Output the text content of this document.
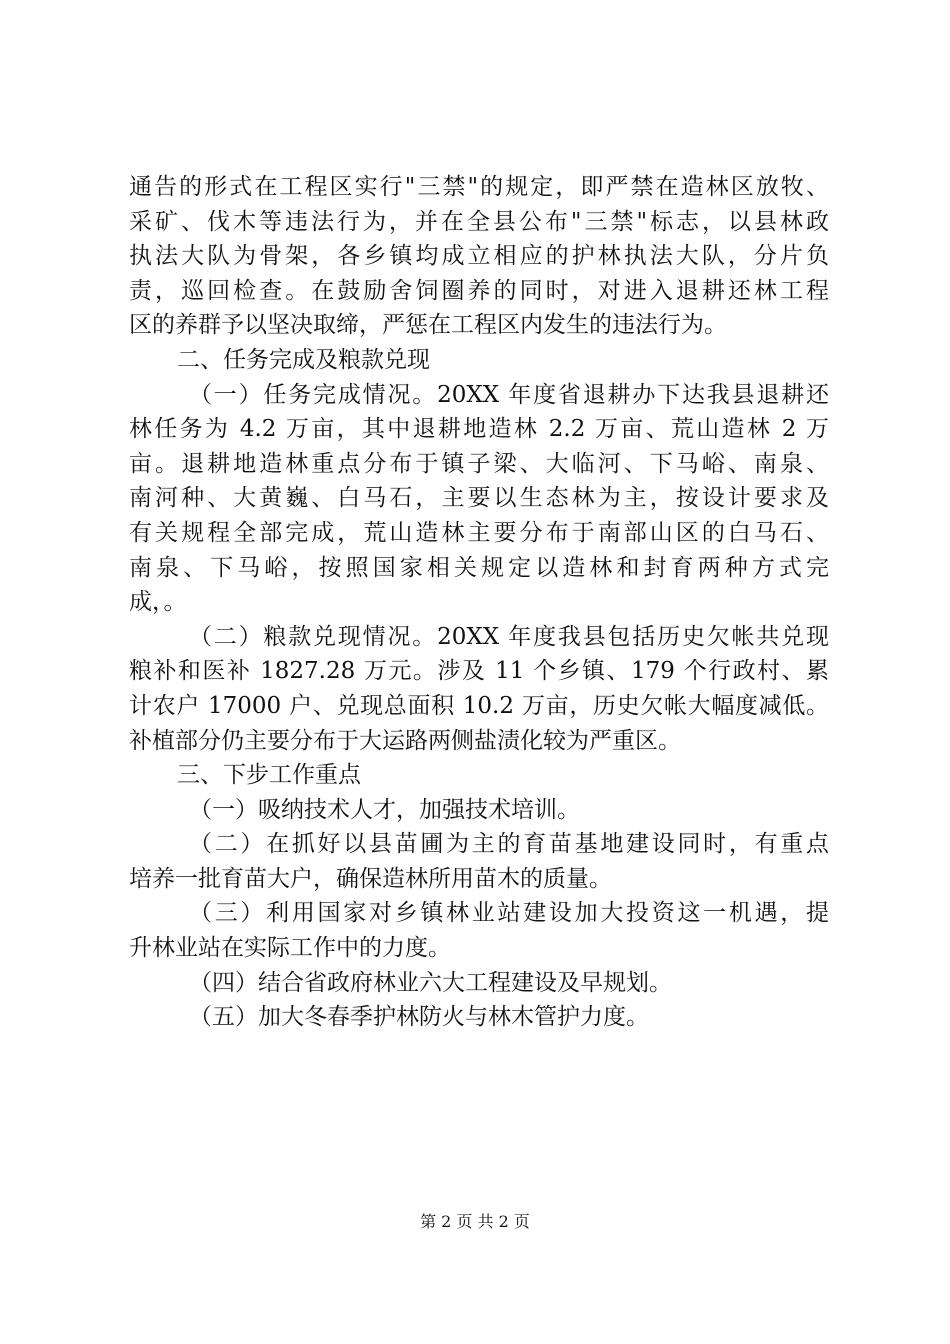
通告的形式在工程区实行"三禁"的规定，即严禁在造林区放牧、
采矿、伐木等违法行为，并在全县公布"三禁"标志，以县林政
执法大队为骨架，各乡镇均成立相应的护林执法大队，分片负
责，巡回检查。在鼓励舍饲圈养的同时，对进入退耕还林工程
区的养群予以坚决取缔，严惩在工程区内发生的违法行为。
二、任务完成及粮款兑现
（一）任务完成情况。20XX 年度省退耕办下达我县退耕还
林任务为 4.2 万亩，其中退耕地造林 2.2 万亩、荒山造林 2 万
亩。退耕地造林重点分布于镇子梁、大临河、下马峪、南泉、
南河种、大黄巍、白马石，主要以生态林为主，按设计要求及
有关规程全部完成，荒山造林主要分布于南部山区的白马石、
南泉、下马峪，按照国家相关规定以造林和封育两种方式完
成，。
（二）粮款兑现情况。20XX 年度我县包括历史欠帐共兑现
粮补和医补 1827.28 万元。涉及 11 个乡镇、179 个行政村、累
计农户 17000 户、兑现总面积 10.2 万亩，历史欠帐大幅度减低。
补植部分仍主要分布于大运路两侧盐渍化较为严重区。
三、下步工作重点
（一）吸纳技术人才，加强技术培训。
（二）在抓好以县苗圃为主的育苗基地建设同时，有重点
培养一批育苗大户，确保造林所用苗木的质量。
（三）利用国家对乡镇林业站建设加大投资这一机遇，提
升林业站在实际工作中的力度。
（四）结合省政府林业六大工程建设及早规划。
（五）加大冬春季护林防火与林木管护力度。
第 2 页 共 2 页
